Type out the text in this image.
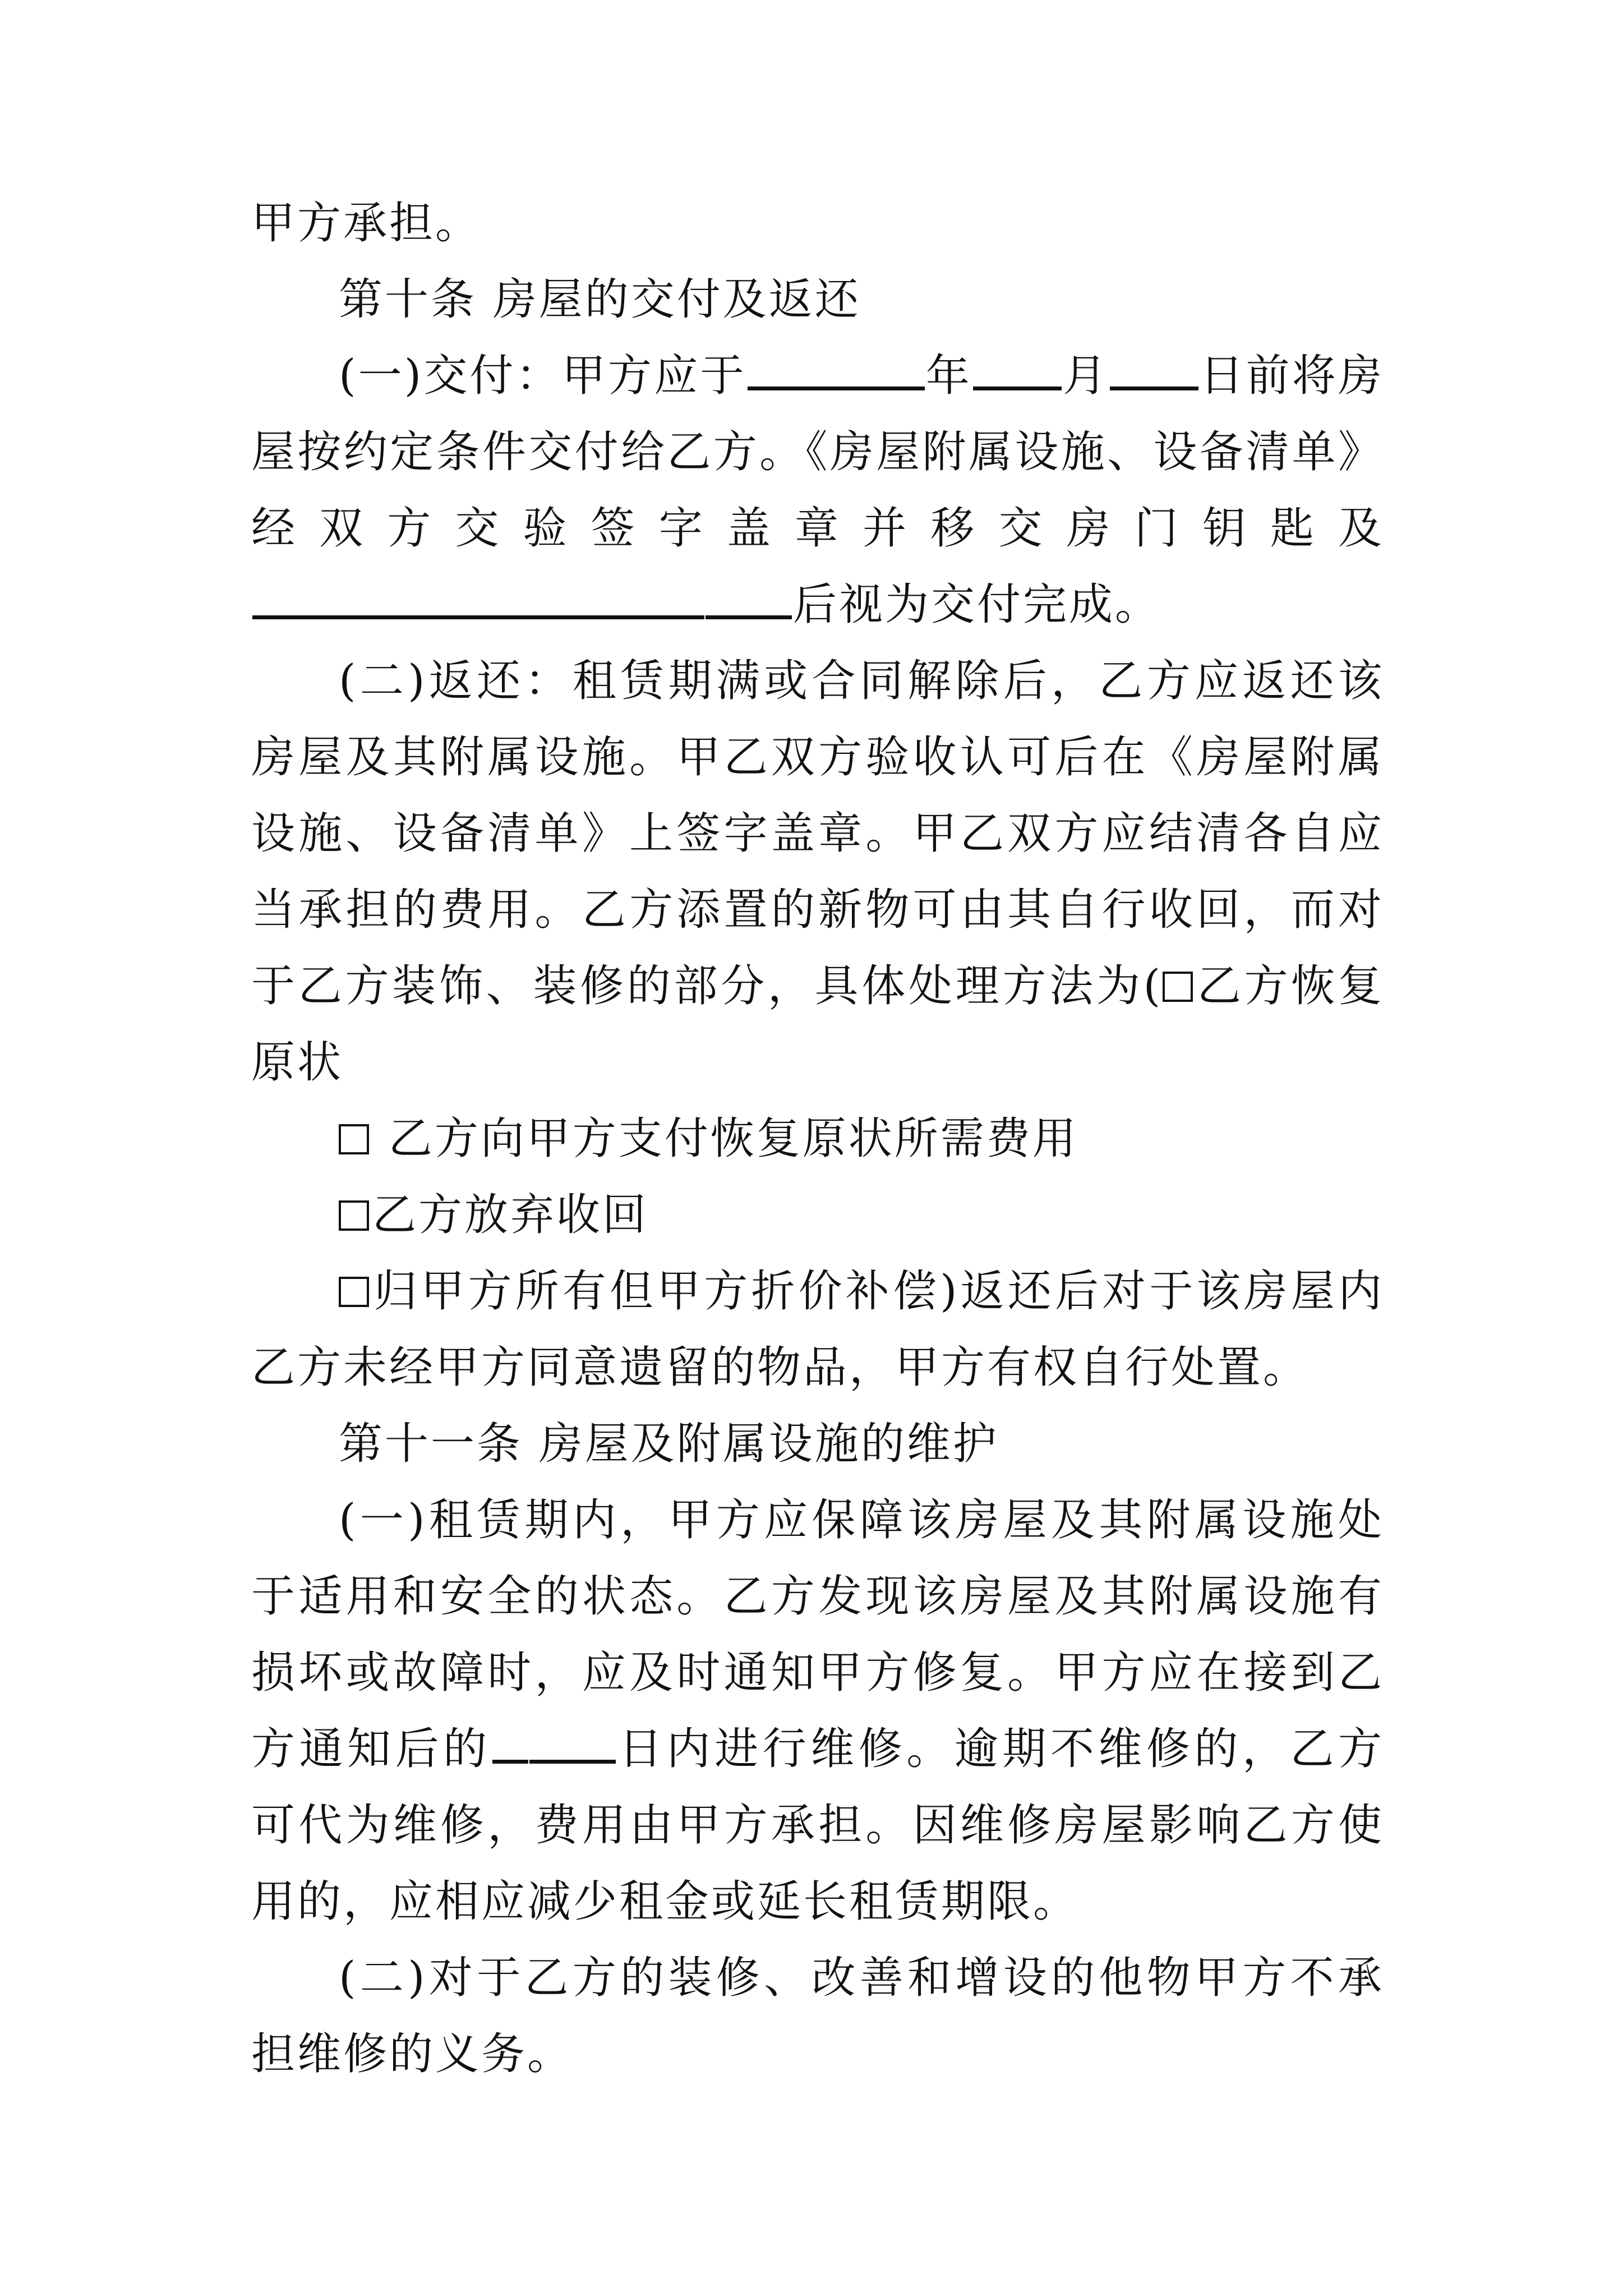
甲方承担。

第十条 房屋的交付及返还

(一)交付：甲方应于	年 月 日前将房屋按约定条件交付给乙方。《房屋附属设施、设备清单》经双方交验签字盖章并移交房门钥匙及后视为交付完成。

(二)返还：租赁期满或合同解除后，乙方应返还该房屋及其附属设施。甲乙双方验收认可后在《房屋附属设施、设备清单》上签字盖章。甲乙双方应结清各自应当承担的费用。乙方添置的新物可由其自行收回，而对于乙方装饰、装修的部分，具体处理方法为( 乙方恢复原状

乙方向甲方支付恢复原状所需费用

乙方放弃收回

归甲方所有但甲方折价补偿)返还后对于该房屋内乙方未经甲方同意遗留的物品，甲方有权自行处置。

第十一条 房屋及附属设施的维护

(一)租赁期内，甲方应保障该房屋及其附属设施处于适用和安全的状态。乙方发现该房屋及其附属设施有损坏或故障时，应及时通知甲方修复。甲方应在接到乙方通知后的	日内进行维修。逾期不维修的，乙方可代为维修，费用由甲方承担。因维修房屋影响乙方使用的，应相应减少租金或延长租赁期限。

(二)对于乙方的装修、改善和增设的他物甲方不承担维修的义务。
